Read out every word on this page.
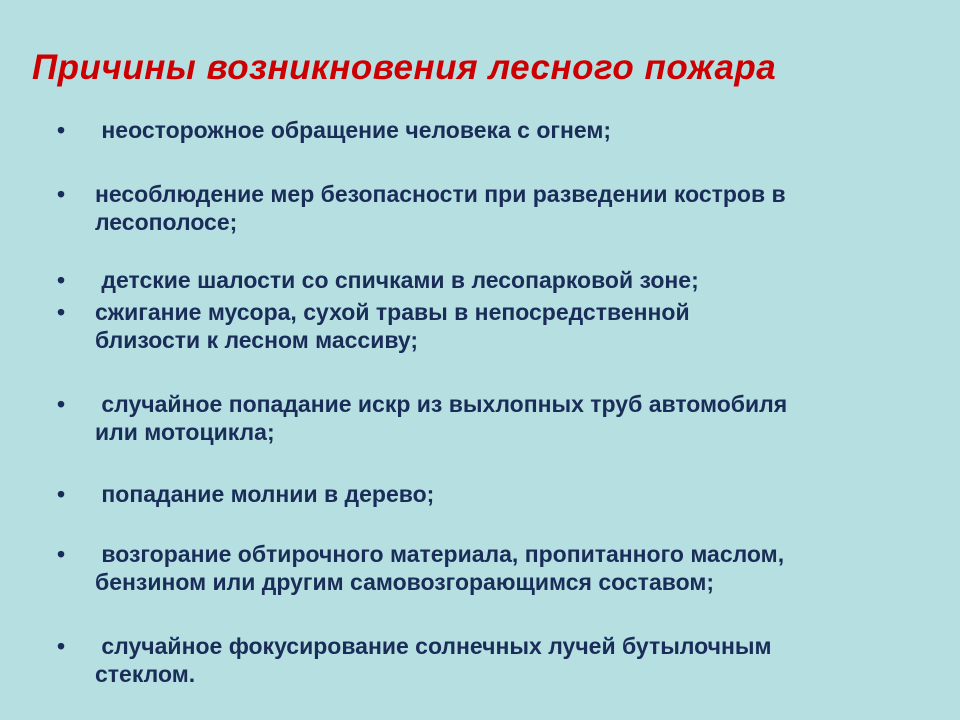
Причины возникновения лесного пожара
• неосторожное обращение человека с огнем;
• несоблюдение мер безопасности при разведении костров в
лесополосе;
• детские шалости со спичками в лесопарковой зоне;
• сжигание мусора, сухой травы в непосредственной
близости к лесном массиву;
• случайное попадание искр из выхлопных труб автомобиля
или мотоцикла;
• попадание молнии в дерево;
• возгорание обтирочного материала, пропитанного маслом,
бензином или другим самовозгорающимся составом;
• случайное фокусирование солнечных лучей бутылочным
стеклом.
